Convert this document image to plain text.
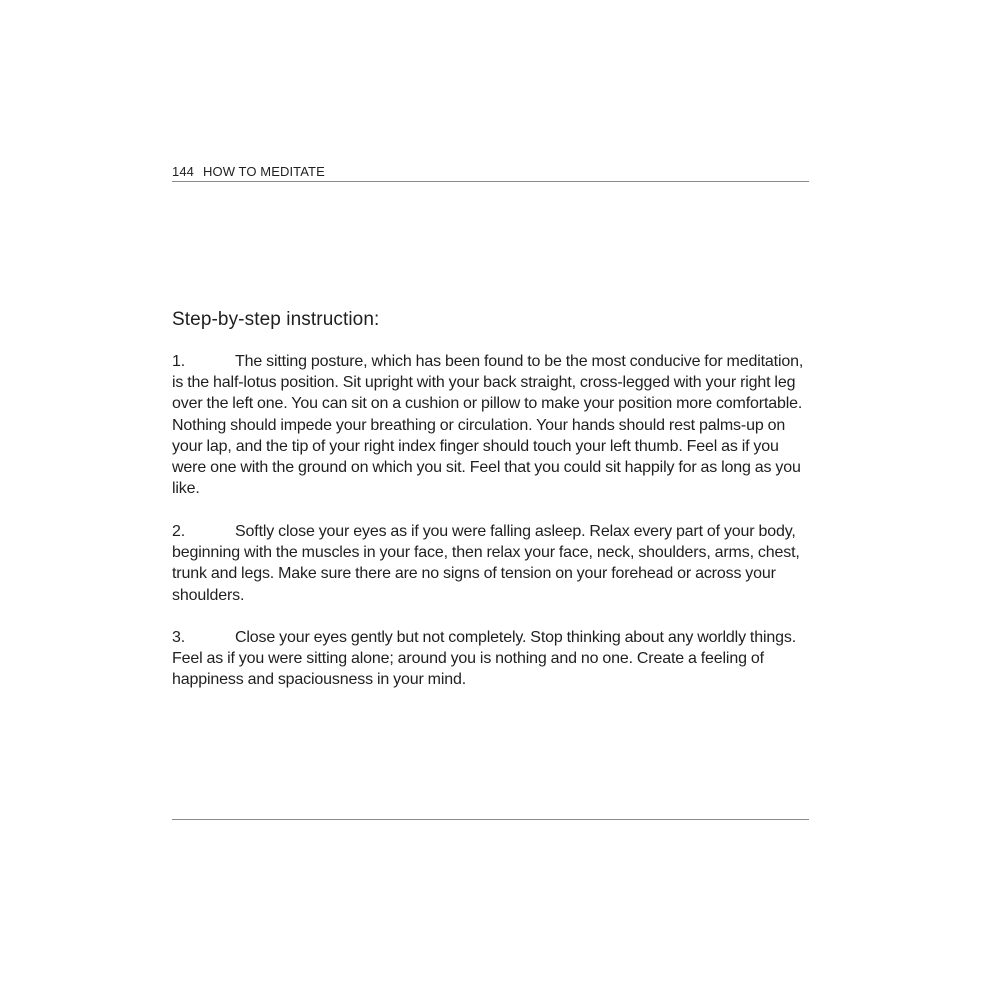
144 HOW TO MEDITATE
Step-by-step instruction:

1.	The sitting posture, which has been found to be the most conducive for meditation, is the half-lotus position. Sit upright with your back straight, cross-legged with your right leg over the left one. You can sit on a cushion or pillow to make your position more comfortable. Nothing should impede your breathing or circulation. Your hands should rest palms-up on your lap, and the tip of your right index finger should touch your left thumb. Feel as if you were one with the ground on which you sit. Feel that you could sit happily for as long as you like.

2.	Softly close your eyes as if you were falling asleep. Relax every part of your body, beginning with the muscles in your face, then relax your face, neck, shoulders, arms, chest, trunk and legs. Make sure there are no signs of tension on your forehead or across your shoulders.

3.	Close your eyes gently but not completely. Stop thinking about any worldly things. Feel as if you were sitting alone; around you is nothing and no one. Create a feeling of happiness and spaciousness in your mind.
